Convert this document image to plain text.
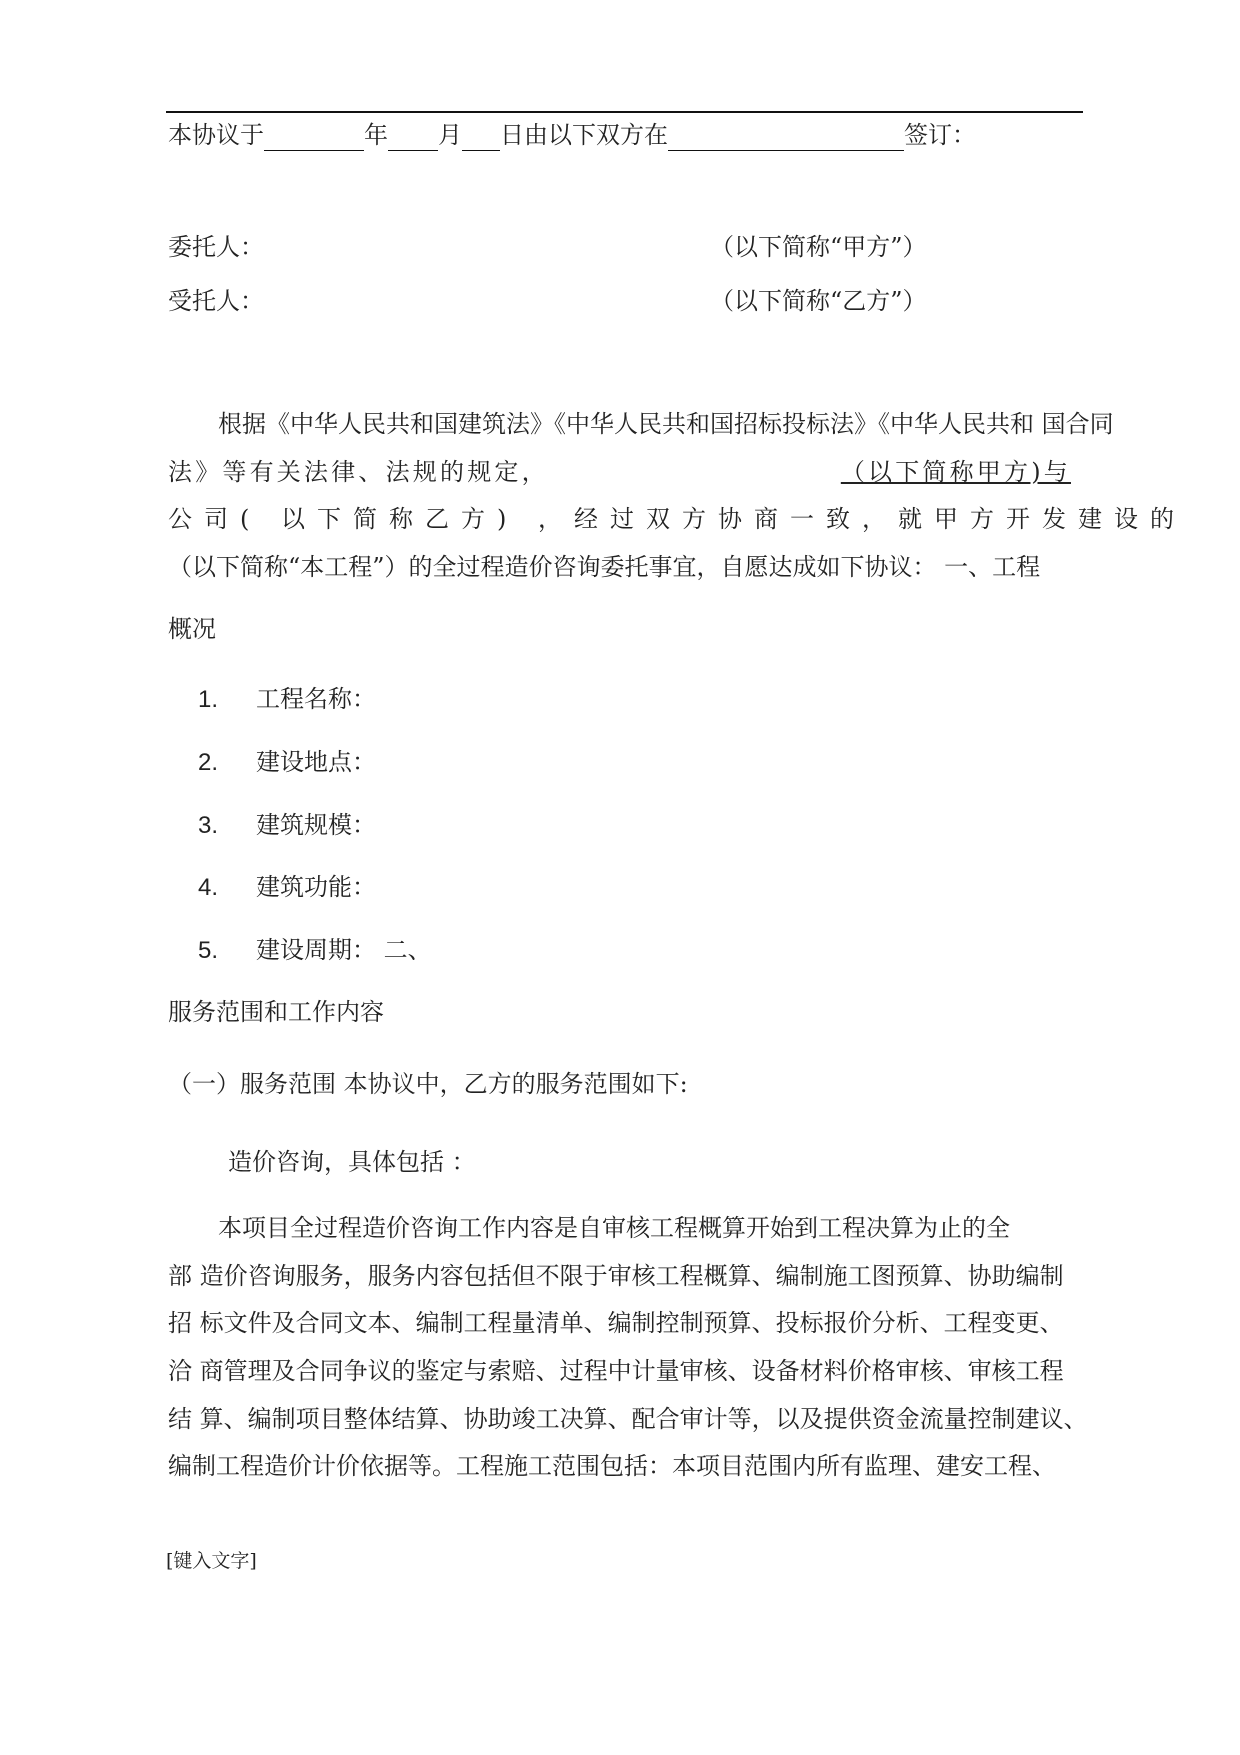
本协议于	年 月 日由以下双方在	签订：
委托人：	（以下简称“甲方”）
受托人：	（以下简称“乙方”）
根据《中华人民共和国建筑法》《中华人民共和国招标投标法》《中华人民共和 国合同
法》等有关法律、法规的规定，	（以下简称甲方)与
公司( 以下简称乙方) ，经过双方协商一致，就甲方开发建设的
（以下简称“本工程”）的全过程造价咨询委托事宜，自愿达成如下协议： 一、工程
概况
1. 工程名称：
2. 建设地点：
3. 建筑规模：
4. 建筑功能：
5. 建设周期： 二、
服务范围和工作内容
（一）服务范围 本协议中，乙方的服务范围如下:
造价咨询，具体包括 ：
本项目全过程造价咨询工作内容是自审核工程概算开始到工程决算为止的全
部 造价咨询服务，服务内容包括但不限于审核工程概算、编制施工图预算、协助编制
招 标文件及合同文本、编制工程量清单、编制控制预算、投标报价分析、工程变更、
洽 商管理及合同争议的鉴定与索赔、过程中计量审核、设备材料价格审核、审核工程
结 算、编制项目整体结算、协助竣工决算、配合审计等，以及提供资金流量控制建议、
编制工程造价计价依据等。工程施工范围包括：本项目范围内所有监理、建安工程、
[键入文字]
